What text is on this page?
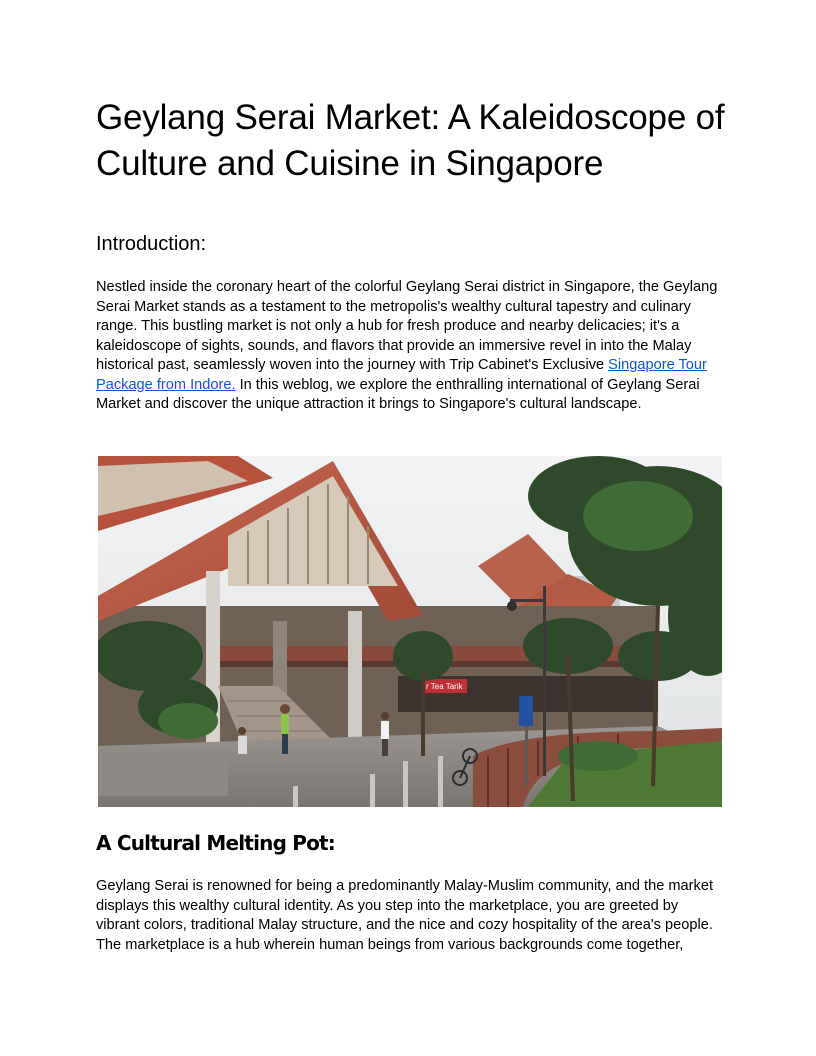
Geylang Serai Market: A Kaleidoscope of Culture and Cuisine in Singapore
Introduction:

Nestled inside the coronary heart of the colorful Geylang Serai district in Singapore, the Geylang Serai Market stands as a testament to the metropolis's wealthy cultural tapestry and culinary range. This bustling market is not only a hub for fresh produce and nearby delicacies; it's a kaleidoscope of sights, sounds, and flavors that provide an immersive revel in into the Malay historical past, seamlessly woven into the journey with Trip Cabinet's Exclusive Singapore Tour Package from Indore. In this weblog, we explore the enthralling international of Geylang Serai Market and discover the unique attraction it brings to Singapore's cultural landscape.

r Tea Tarik
A Cultural Melting Pot:

Geylang Serai is renowned for being a predominantly Malay-Muslim community, and the market displays this wealthy cultural identity. As you step into the marketplace, you are greeted by vibrant colors, traditional Malay structure, and the nice and cozy hospitality of the area's people. The marketplace is a hub wherein human beings from various backgrounds come together,
